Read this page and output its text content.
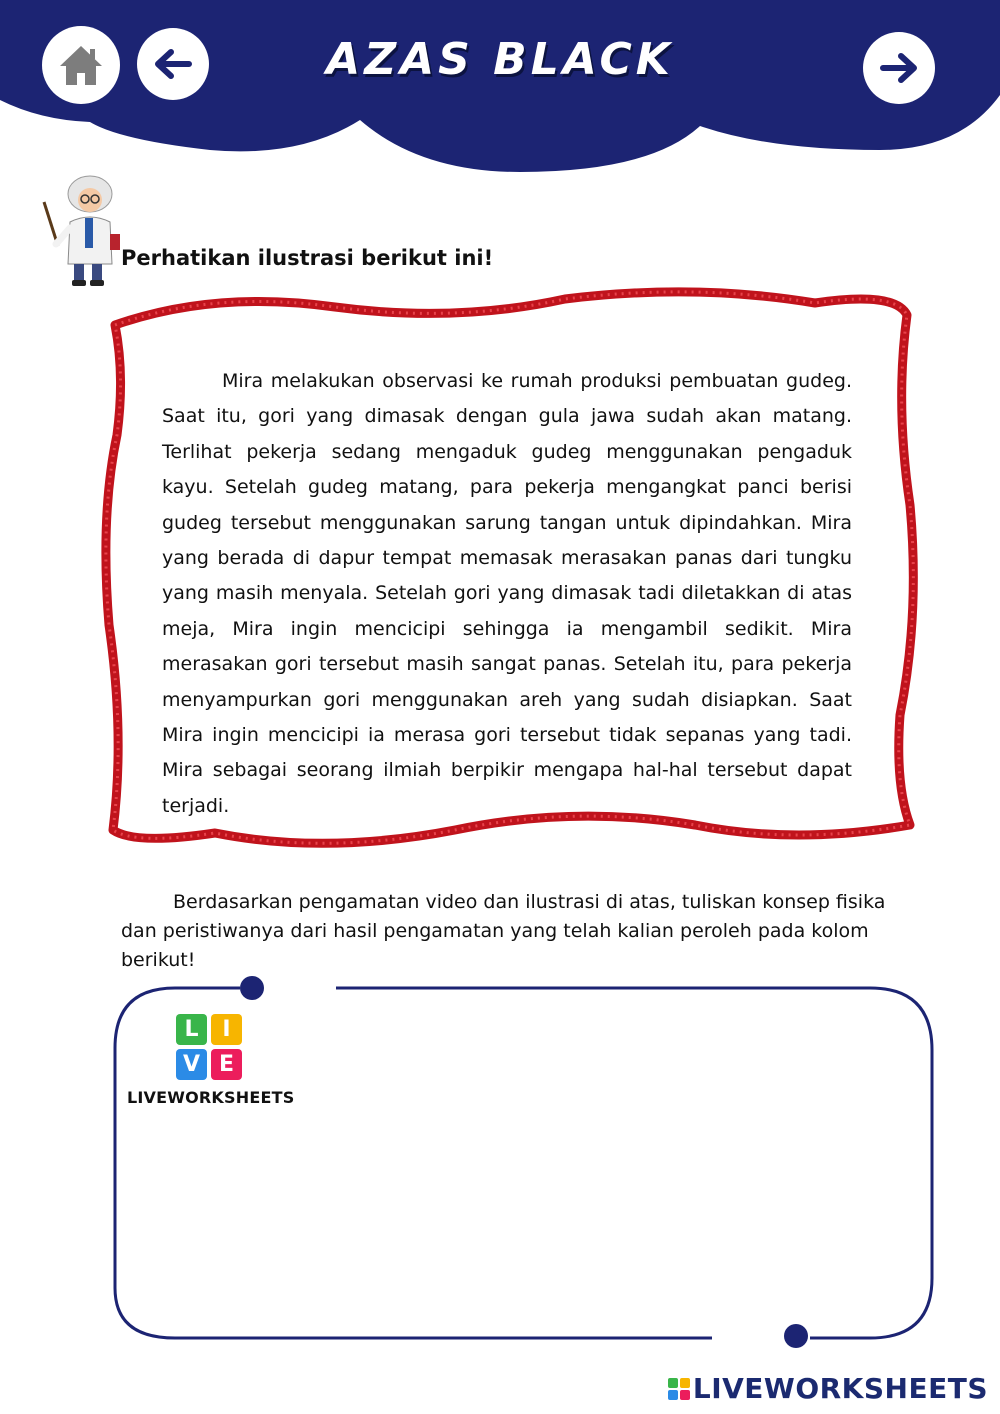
AZAS BLACK
Perhatikan ilustrasi berikut ini!

Mira melakukan observasi ke rumah produksi pembuatan gudeg. Saat itu, gori yang dimasak dengan gula jawa sudah akan matang. Terlihat pekerja sedang mengaduk gudeg menggunakan pengaduk kayu. Setelah gudeg matang, para pekerja mengangkat panci berisi gudeg tersebut menggunakan sarung tangan untuk dipindahkan. Mira yang berada di dapur tempat memasak merasakan panas dari tungku yang masih menyala. Setelah gori yang dimasak tadi diletakkan di atas meja, Mira ingin mencicipi sehingga ia mengambil sedikit. Mira merasakan gori tersebut masih sangat panas. Setelah itu, para pekerja menyampurkan gori menggunakan areh yang sudah disiapkan. Saat Mira ingin mencicipi ia merasa gori tersebut tidak sepanas yang tadi. Mira sebagai seorang ilmiah berpikir mengapa hal-hal tersebut dapat terjadi.

Berdasarkan pengamatan video dan ilustrasi di atas, tuliskan konsep fisika dan peristiwanya dari hasil pengamatan yang telah kalian peroleh pada kolom berikut!

L	I
V E
LIVEWORKSHEETS
LIVEWORKSHEETS
